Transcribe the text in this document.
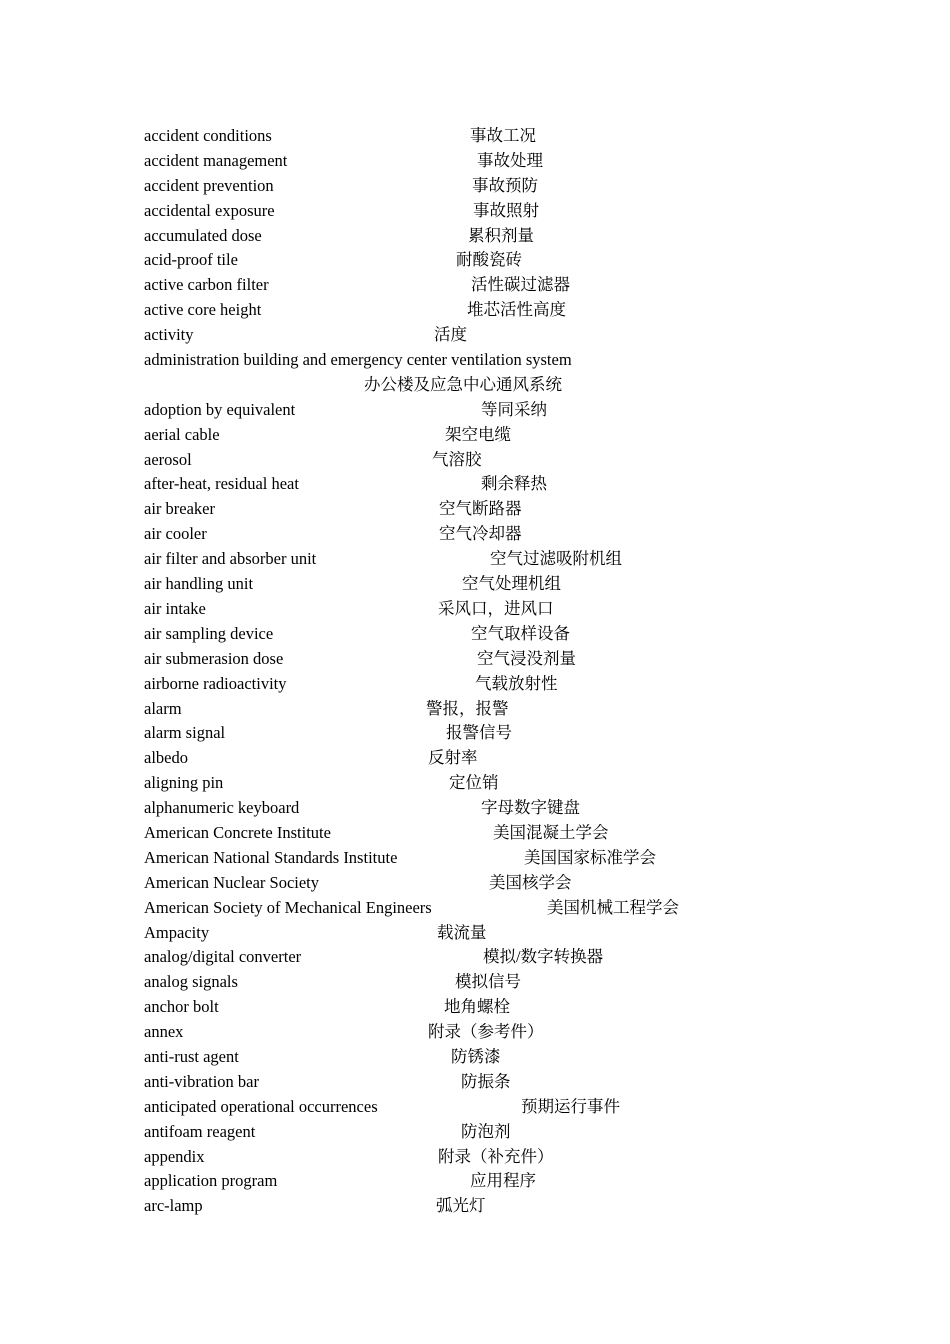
accident conditions	事故工况
accident management	事故处理
accident prevention	事故预防
accidental exposure	事故照射
accumulated dose	累积剂量
acid-proof tile	耐酸瓷砖
active carbon filter	活性碳过滤器
active core height	堆芯活性高度
activity	活度
administration building and emergency center ventilation system
办公楼及应急中心通风系统
adoption by equivalent	等同采纳
aerial cable	架空电缆
aerosol	气溶胶
after-heat, residual heat	剩余释热
air breaker	空气断路器
air cooler	空气冷却器
air filter and absorber unit	空气过滤吸附机组
air handling unit	空气处理机组
air intake	采风口，进风口
air sampling device	空气取样设备
air submerasion dose	空气浸没剂量
airborne radioactivity	气载放射性
alarm	警报，报警
alarm signal	报警信号
albedo	反射率
aligning pin	定位销
alphanumeric keyboard	字母数字键盘
American Concrete Institute	美国混凝土学会
American National Standards Institute	美国国家标准学会
American Nuclear Society	美国核学会
American Society of Mechanical Engineers	美国机械工程学会
Ampacity	载流量
analog/digital converter	模拟/数字转换器
analog signals	模拟信号
anchor bolt	地角螺栓
annex	附录（参考件）
anti-rust agent	防锈漆
anti-vibration bar	防振条
anticipated operational occurrences	预期运行事件
antifoam reagent	防泡剂
appendix	附录（补充件）
application program	应用程序
arc-lamp	弧光灯
